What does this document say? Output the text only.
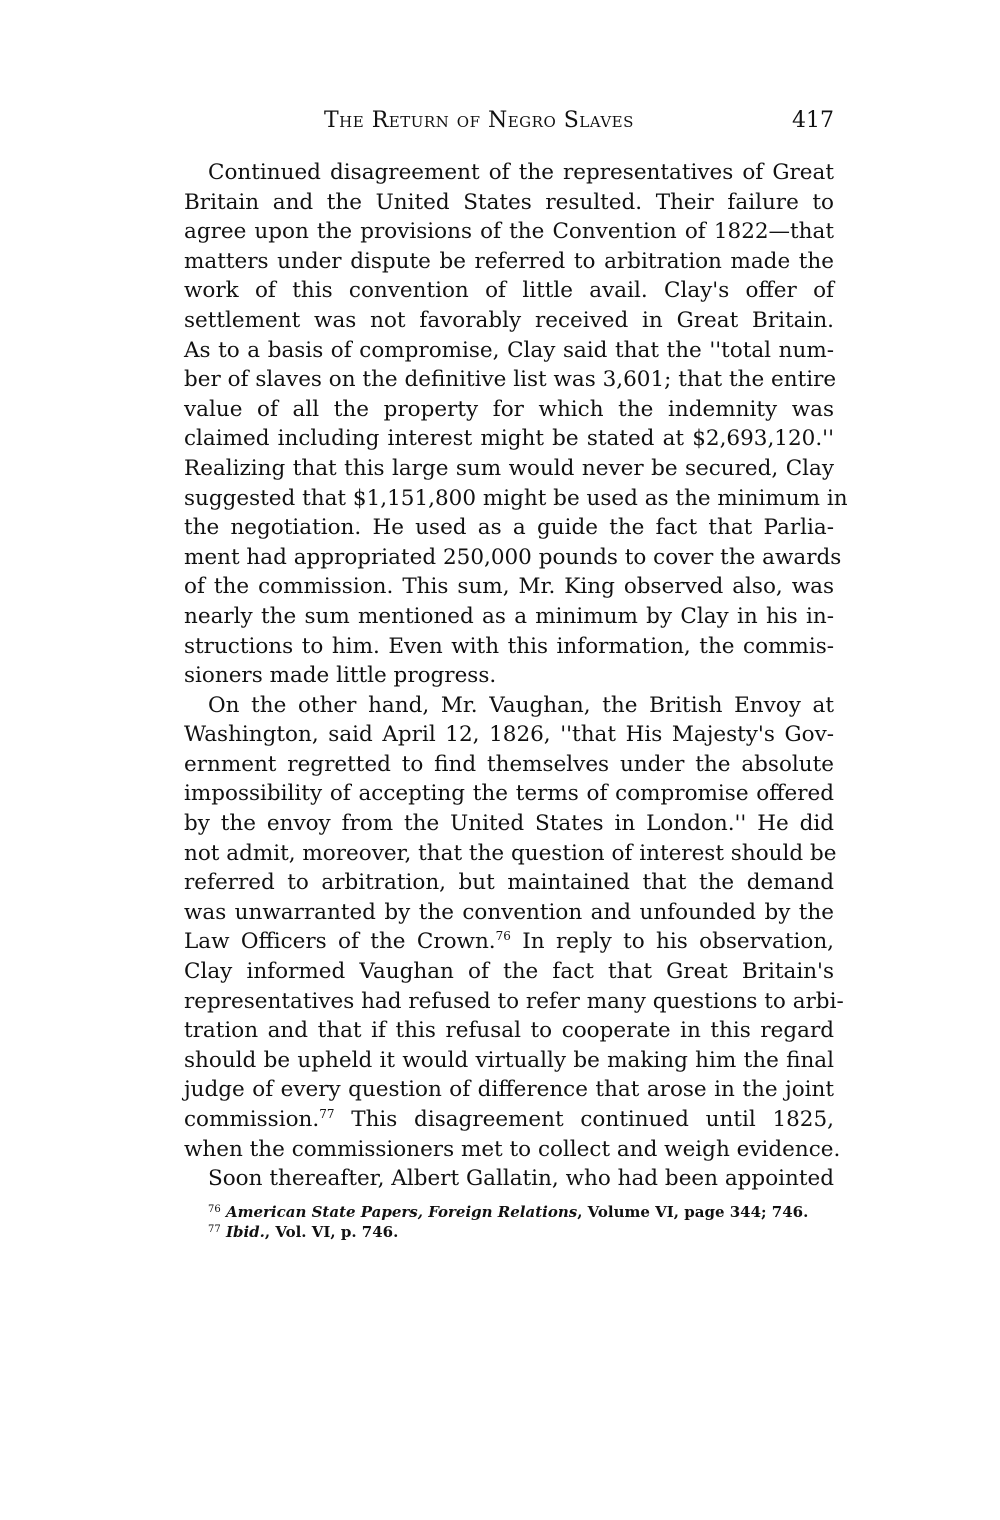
The Return of Negro Slaves	417
Continued disagreement of the representatives of Great
Britain and the United States resulted. Their failure to
agree upon the provisions of the Convention of 1822—that
matters under dispute be referred to arbitration made the
work of this convention of little avail. Clay's offer of
settlement was not favorably received in Great Britain.
As to a basis of compromise, Clay said that the ''total num-
ber of slaves on the definitive list was 3,601; that the entire
value of all the property for which the indemnity was
claimed including interest might be stated at $2,693,120.''
Realizing that this large sum would never be secured, Clay
suggested that $1,151,800 might be used as the minimum in
the negotiation. He used as a guide the fact that Parlia-
ment had appropriated 250,000 pounds to cover the awards
of the commission. This sum, Mr. King observed also, was
nearly the sum mentioned as a minimum by Clay in his in-
structions to him. Even with this information, the commis-
sioners made little progress.
On the other hand, Mr. Vaughan, the British Envoy at
Washington, said April 12, 1826, ''that His Majesty's Gov-
ernment regretted to find themselves under the absolute
impossibility of accepting the terms of compromise offered
by the envoy from the United States in London.'' He did
not admit, moreover, that the question of interest should be
referred to arbitration, but maintained that the demand
was unwarranted by the convention and unfounded by the
Law Officers of the Crown.$^{76}$ In reply to his observation,
Clay informed Vaughan of the fact that Great Britain's
representatives had refused to refer many questions to arbi-
tration and that if this refusal to cooperate in this regard
should be upheld it would virtually be making him the final
judge of every question of difference that arose in the joint
commission.$^{77}$ This disagreement continued until 1825,
when the commissioners met to collect and weigh evidence.
Soon thereafter, Albert Gallatin, who had been appointed
$^{76}$ American State Papers, Foreign Relations, Volume VI, page 344; 746.
$^{77}$ Ibid., Vol. VI, p. 746.
